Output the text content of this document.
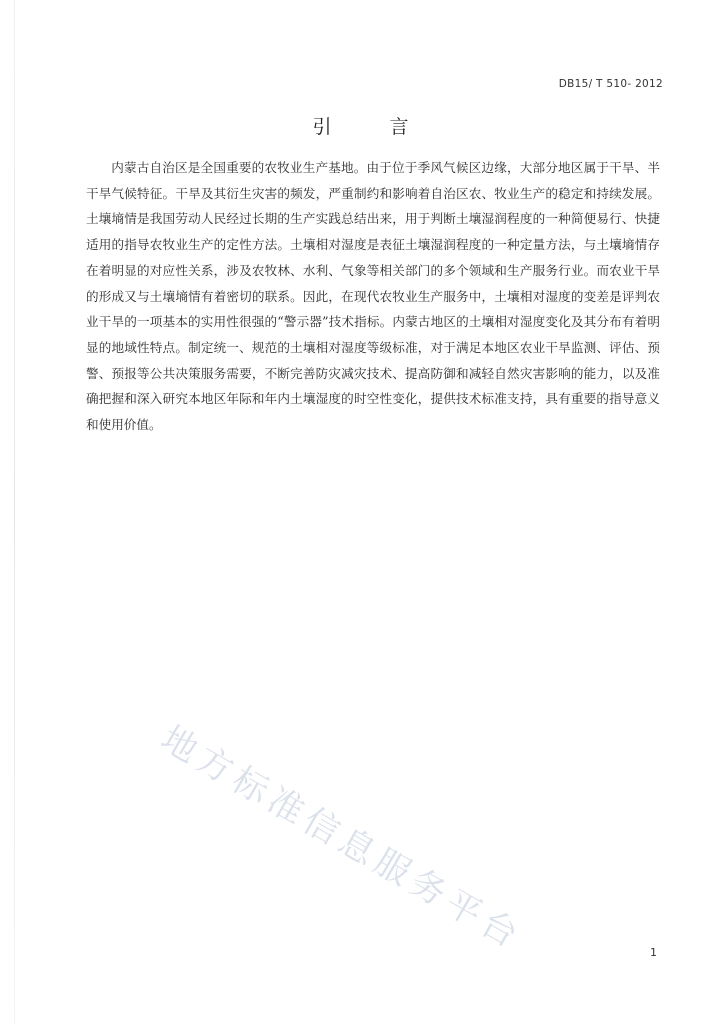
DB15/ T 510- 2012
引 言

内蒙古自治区是全国重要的农牧业生产基地。由于位于季风气候区边缘，大部分地区属于干旱、半干旱气候特征。干旱及其衍生灾害的频发，严重制约和影响着自治区农、牧业生产的稳定和持续发展。土壤墒情是我国劳动人民经过长期的生产实践总结出来，用于判断土壤湿润程度的一种简便易行、快捷适用的指导农牧业生产的定性方法。土壤相对湿度是表征土壤湿润程度的一种定量方法，与土壤墒情存在着明显的对应性关系，涉及农牧林、水利、气象等相关部门的多个领域和生产服务行业。而农业干旱的形成又与土壤墒情有着密切的联系。因此，在现代农牧业生产服务中，土壤相对湿度的变差是评判农业干旱的一项基本的实用性很强的“警示器”技术指标。内蒙古地区的土壤相对湿度变化及其分布有着明显的地域性特点。制定统一、规范的土壤相对湿度等级标准，对于满足本地区农业干旱监测、评估、预警、预报等公共决策服务需要，不断完善防灾减灾技术、提高防御和减轻自然灾害影响的能力，以及准确把握和深入研究本地区年际和年内土壤湿度的时空性变化，提供技术标准支持，具有重要的指导意义和使用价值。

地方标准信息服务平台	1
